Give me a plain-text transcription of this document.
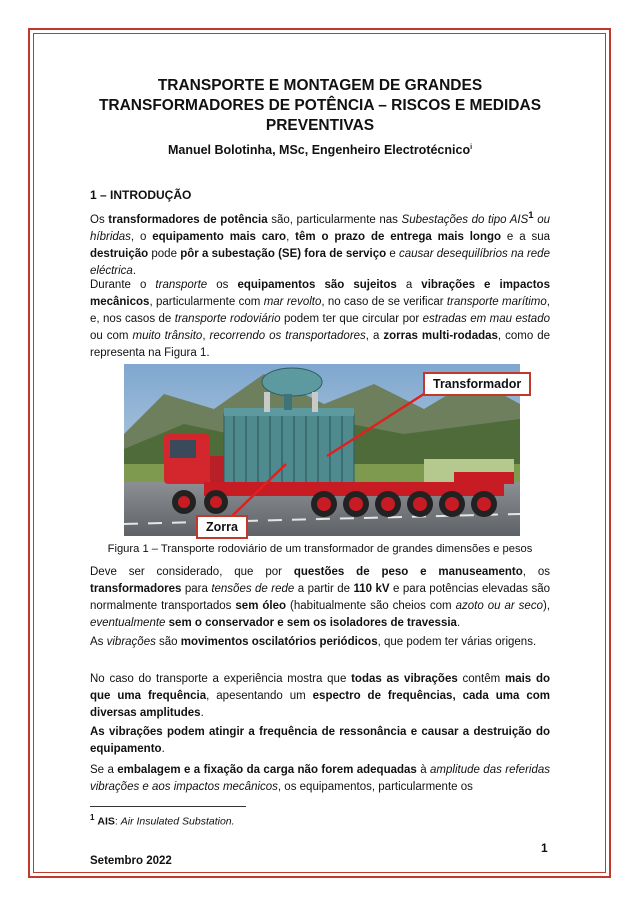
TRANSPORTE E MONTAGEM DE GRANDES
TRANSFORMADORES DE POTÊNCIA – RISCOS E MEDIDAS
PREVENTIVAS
Manuel Bolotinha, MSc, Engenheiro Electrotécnico$^i$
1 – INTRODUÇÃO

Os transformadores de potência são, particularmente nas Subestações do tipo AIS$^1$ ou híbridas, o equipamento mais caro, têm o prazo de entrega mais longo e a sua destruição pode pôr a subestação (SE) fora de serviço e causar desequilíbrios na rede eléctrica.

Durante o transporte os equipamentos são sujeitos a vibrações e impactos mecânicos, particularmente com mar revolto, no caso de se verificar transporte marítimo, e, nos casos de transporte rodoviário podem ter que circular por estradas em mau estado ou com muito trânsito, recorrendo os transportadores, a zorras multi-rodadas, como de representa na Figura 1.

Transformador
Zorra
Figura 1 – Transporte rodoviário de um transformador de grandes dimensões e pesos

Deve ser considerado, que por questões de peso e manuseamento, os transformadores para tensões de rede a partir de 110 kV e para potências elevadas são normalmente transportados sem óleo (habitualmente são cheios com azoto ou ar seco), eventualmente sem o conservador e sem os isoladores de travessia.

As vibrações são movimentos oscilatórios periódicos, que podem ter várias origens.

No caso do transporte a experiência mostra que todas as vibrações contêm mais do que uma frequência, apesentando um espectro de frequências, cada uma com diversas amplitudes.

As vibrações podem atingir a frequência de ressonância e causar a destruição do equipamento.

Se a embalagem e a fixação da carga não forem adequadas à amplitude das referidas vibrações e aos impactos mecânicos, os equipamentos, particularmente os

$^1$ AIS: Air Insulated Substation.
1
Setembro 2022
